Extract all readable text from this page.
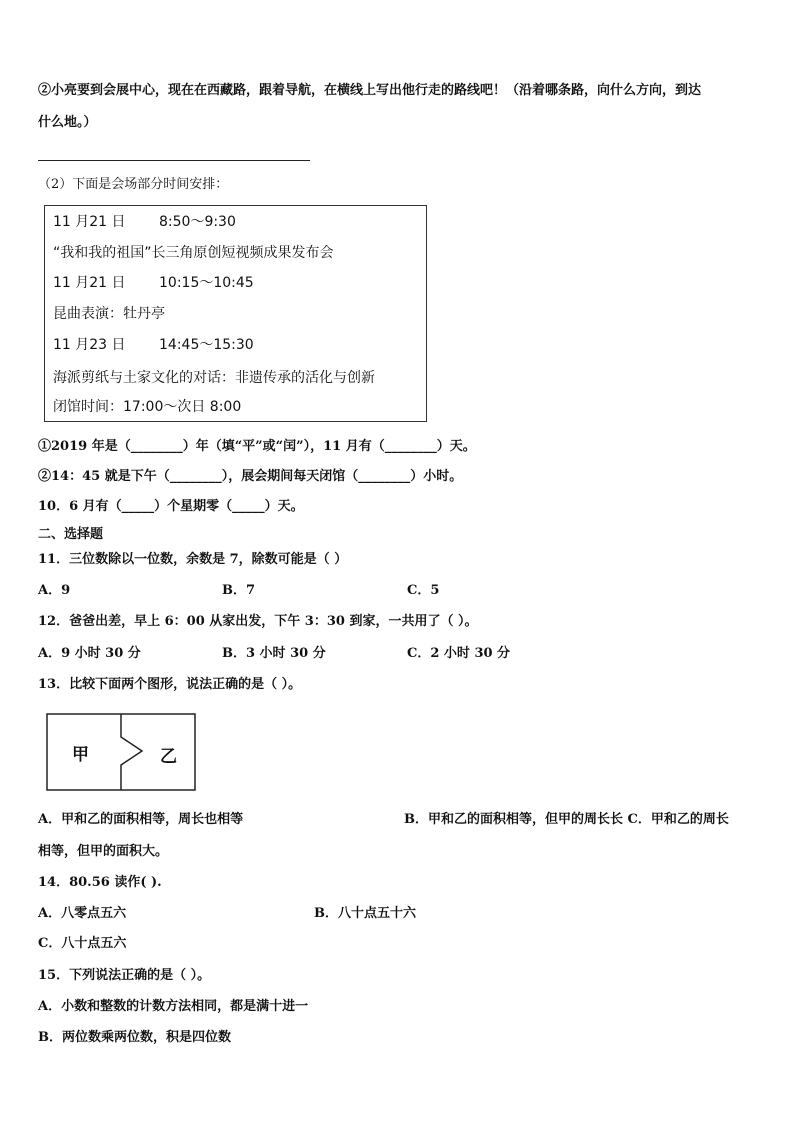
②小亮要到会展中心，现在在西藏路，跟着导航，在横线上写出他行走的路线吧！（沿着哪条路，向什么方向，到达
什么地。）
（2）下面是会场部分时间安排：
11 月21 日 8:50～9:30
“我和我的祖国”长三角原创短视频成果发布会
11 月21 日 10:15～10:45
昆曲表演：牡丹亭
11 月23 日 14:45～15:30
海派剪纸与土家文化的对话：非遗传承的活化与创新
闭馆时间：17:00～次日 8:00
①2019 年是（________）年（填“平”或“闰”），11 月有（________）天。
②14：45 就是下午（________），展会期间每天闭馆（________）小时。
10．6 月有（_____）个星期零（_____）天。
二、选择题
11．三位数除以一位数，余数是 7，除数可能是（ ）
A．9	B．7	C．5
12．爸爸出差，早上 6：00 从家出发，下午 3：30 到家，一共用了（ ）。
A．9 小时 30 分	B．3 小时 30 分	C．2 小时 30 分
13．比较下面两个图形，说法正确的是（ ）。
甲	乙
A．甲和乙的面积相等，周长也相等	B．甲和乙的面积相等，但甲的周长长 C．甲和乙的周长
相等，但甲的面积大。
14．80.56 读作( ).
A．八零点五六	B．八十点五十六
C．八十点五六
15．下列说法正确的是（ ）。
A．小数和整数的计数方法相同，都是满十进一
B．两位数乘两位数，积是四位数
